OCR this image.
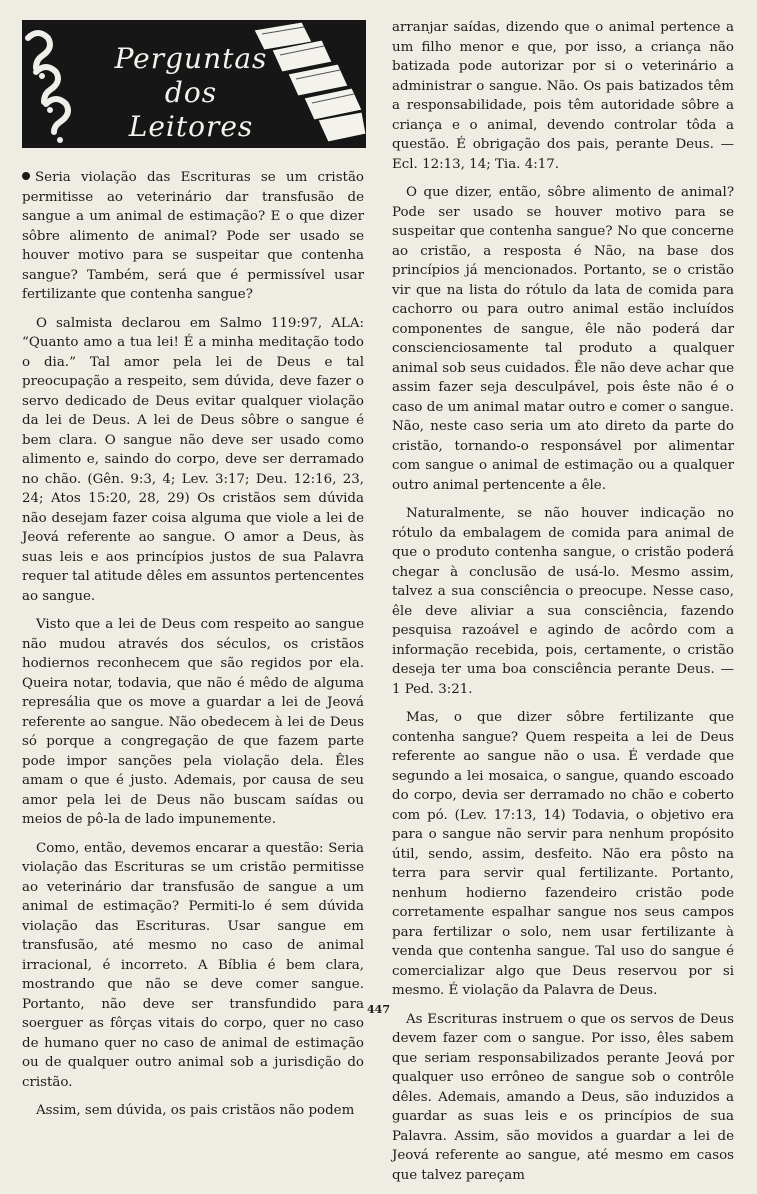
Perguntas
dos
Leitores

Seria violação das Escrituras se um cristão permitisse ao veterinário dar transfusão de sangue a um animal de estimação? E o que dizer sôbre alimento de animal? Pode ser usado se houver motivo para se suspeitar que contenha sangue? Também, será que é permissível usar fertilizante que contenha sangue?

O salmista declarou em Salmo 119:97, ALA: “Quanto amo a tua lei! É a minha meditação todo o dia.” Tal amor pela lei de Deus e tal preocupação a respeito, sem dúvida, deve fazer o servo dedicado de Deus evitar qualquer violação da lei de Deus. A lei de Deus sôbre o sangue é bem clara. O sangue não deve ser usado como alimento e, saindo do corpo, deve ser derramado no chão. (Gên. 9:3, 4; Lev. 3:17; Deu. 12:16, 23, 24; Atos 15:20, 28, 29) Os cristãos sem dúvida não desejam fazer coisa alguma que viole a lei de Jeová referente ao sangue. O amor a Deus, às suas leis e aos princípios justos de sua Palavra requer tal atitude dêles em assuntos pertencentes ao sangue.

Visto que a lei de Deus com respeito ao sangue não mudou através dos séculos, os cristãos hodiernos reconhecem que são regidos por ela. Queira notar, todavia, que não é mêdo de alguma represália que os move a guardar a lei de Jeová referente ao sangue. Não obedecem à lei de Deus só porque a congregação de que fazem parte pode impor sanções pela violação dela. Êles amam o que é justo. Ademais, por causa de seu amor pela lei de Deus não buscam saídas ou meios de pô-la de lado impunemente.

Como, então, devemos encarar a questão: Seria violação das Escrituras se um cristão permitisse ao veterinário dar transfusão de sangue a um animal de estimação? Permiti-lo é sem dúvida violação das Escrituras. Usar sangue em transfusão, até mesmo no caso de animal irracional, é incorreto. A Bíblia é bem clara, mostrando que não se deve comer sangue. Portanto, não deve ser transfundido para soerguer as fôrças vitais do corpo, quer no caso de humano quer no caso de animal de estimação ou de qualquer outro animal sob a jurisdição do cristão.

Assim, sem dúvida, os pais cristãos não podem

arranjar saídas, dizendo que o animal pertence a um filho menor e que, por isso, a criança não batizada pode autorizar por si o veterinário a administrar o sangue. Não. Os pais batizados têm a responsabilidade, pois têm autoridade sôbre a criança e o animal, devendo controlar tôda a questão. É obrigação dos pais, perante Deus. — Ecl. 12:13, 14; Tia. 4:17.

O que dizer, então, sôbre alimento de animal? Pode ser usado se houver motivo para se suspeitar que contenha sangue? No que concerne ao cristão, a resposta é Não, na base dos princípios já mencionados. Portanto, se o cristão vir que na lista do rótulo da lata de comida para cachorro ou para outro animal estão incluídos componentes de sangue, êle não poderá dar conscienciosamente tal produto a qualquer animal sob seus cuidados. Êle não deve achar que assim fazer seja desculpável, pois êste não é o caso de um animal matar outro e comer o sangue. Não, neste caso seria um ato direto da parte do cristão, tornando-o responsável por alimentar com sangue o animal de estimação ou a qualquer outro animal pertencente a êle.

Naturalmente, se não houver indicação no rótulo da embalagem de comida para animal de que o produto contenha sangue, o cristão poderá chegar à conclusão de usá-lo. Mesmo assim, talvez a sua consciência o preocupe. Nesse caso, êle deve aliviar a sua consciência, fazendo pesquisa razoável e agindo de acôrdo com a informação recebida, pois, certamente, o cristão deseja ter uma boa consciência perante Deus. — 1 Ped. 3:21.

Mas, o que dizer sôbre fertilizante que contenha sangue? Quem respeita a lei de Deus referente ao sangue não o usa. É verdade que segundo a lei mosaica, o sangue, quando escoado do corpo, devia ser derramado no chão e coberto com pó. (Lev. 17:13, 14) Todavia, o objetivo era para o sangue não servir para nenhum propósito útil, sendo, assim, desfeito. Não era pôsto na terra para servir qual fertilizante. Portanto, nenhum hodierno fazendeiro cristão pode corretamente espalhar sangue nos seus campos para fertilizar o solo, nem usar fertilizante à venda que contenha sangue. Tal uso do sangue é comercializar algo que Deus reservou por si mesmo. É violação da Palavra de Deus.

As Escrituras instruem o que os servos de Deus devem fazer com o sangue. Por isso, êles sabem que seriam responsabilizados perante Jeová por qualquer uso errôneo de sangue sob o contrôle dêles. Ademais, amando a Deus, são induzidos a guardar as suas leis e os princípios de sua Palavra. Assim, são movidos a guardar a lei de Jeová referente ao sangue, até mesmo em casos que talvez pareçam

447
